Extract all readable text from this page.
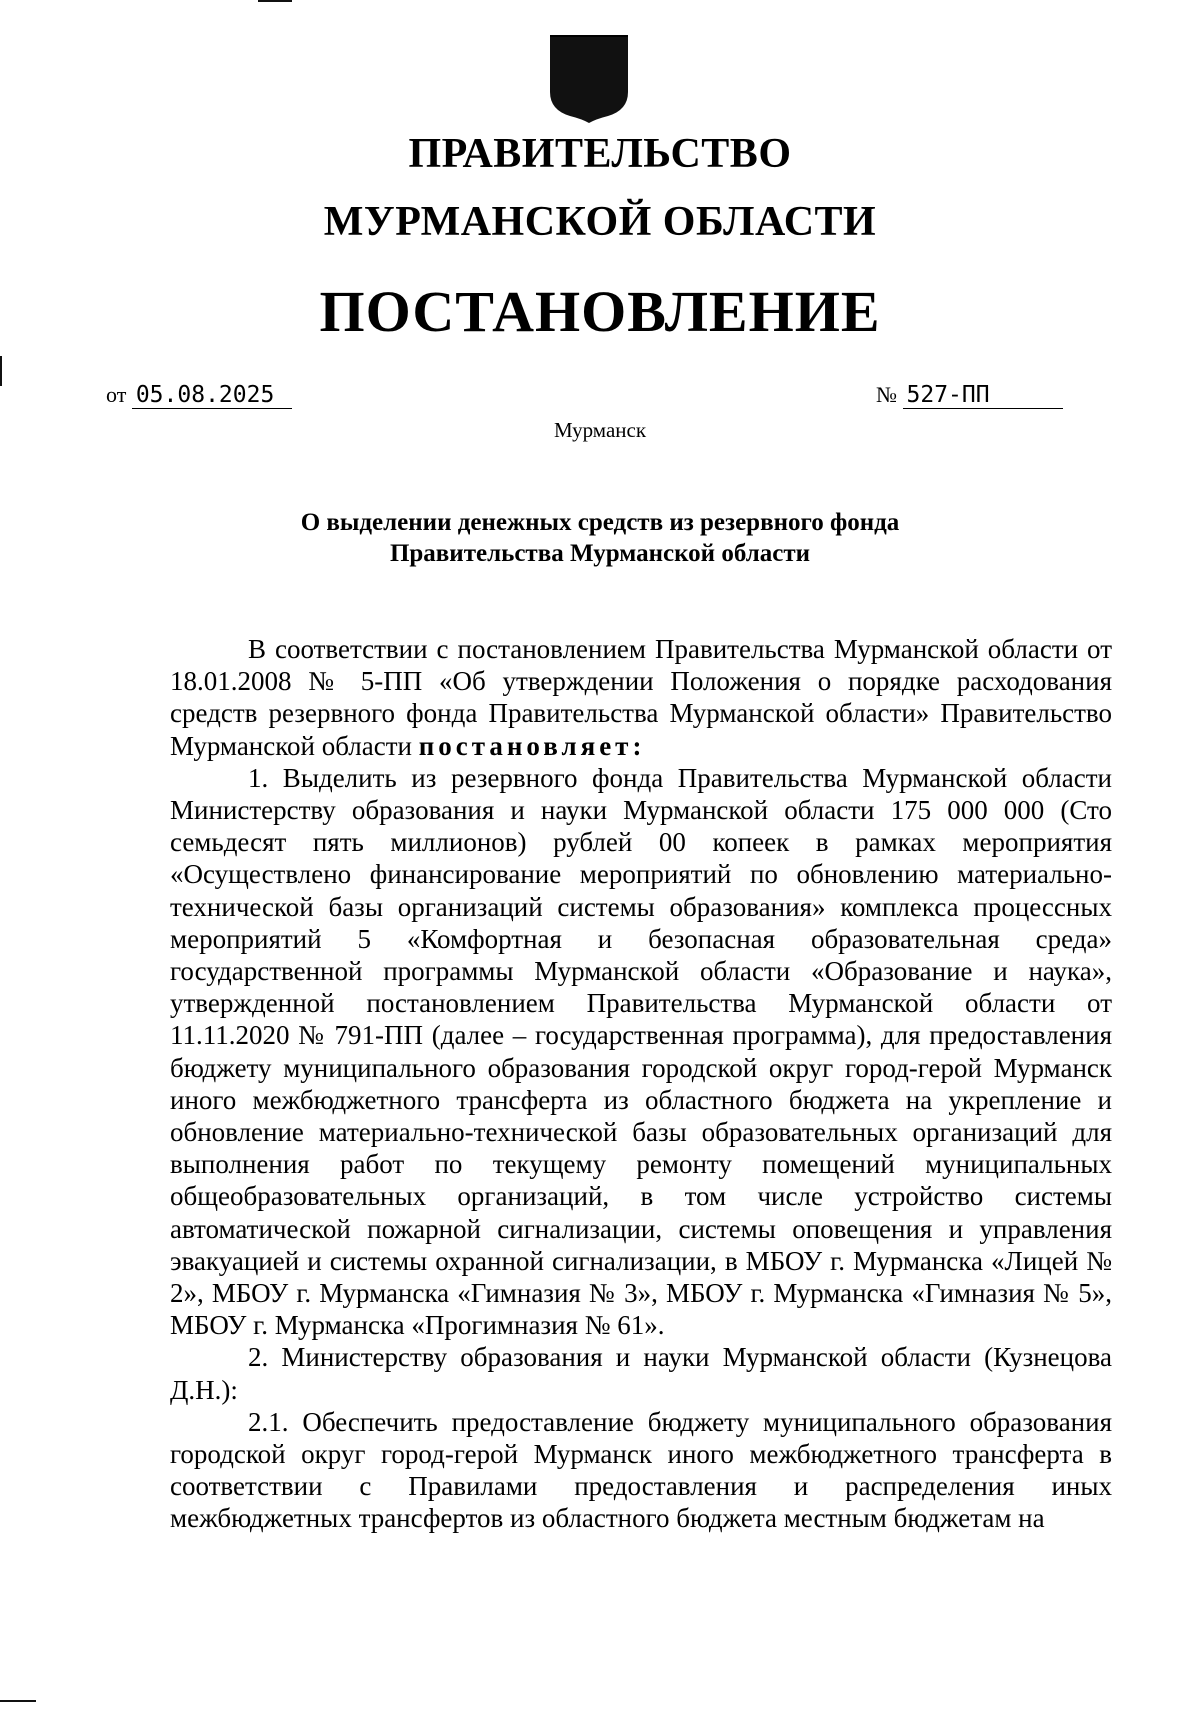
ПРАВИТЕЛЬСТВО
МУРМАНСКОЙ ОБЛАСТИ
ПОСТАНОВЛЕНИЕ
от 05.08.2025	№ 527-ПП
Мурманск
О выделении денежных средств из резервного фонда
Правительства Мурманской области

В соответствии с постановлением Правительства Мурманской области от 18.01.2008 № 5-ПП «Об утверждении Положения о порядке расходования средств резервного фонда Правительства Мурманской области» Правительство Мурманской области постановляет:

1. Выделить из резервного фонда Правительства Мурманской области Министерству образования и науки Мурманской области 175 000 000 (Сто семьдесят пять миллионов) рублей 00 копеек в рамках мероприятия «Осуществлено финансирование мероприятий по обновлению материально-технической базы организаций системы образования» комплекса процессных мероприятий 5 «Комфортная и безопасная образовательная среда» государственной программы Мурманской области «Образование и наука», утвержденной постановлением Правительства Мурманской области от 11.11.2020 № 791-ПП (далее – государственная программа), для предоставления бюджету муниципального образования городской округ город-герой Мурманск иного межбюджетного трансферта из областного бюджета на укрепление и обновление материально-технической базы образовательных организаций для выполнения работ по текущему ремонту помещений муниципальных общеобразовательных организаций, в том числе устройство системы автоматической пожарной сигнализации, системы оповещения и управления эвакуацией и системы охранной сигнализации, в МБОУ г. Мурманска «Лицей № 2», МБОУ г. Мурманска «Гимназия № 3», МБОУ г. Мурманска «Гимназия № 5», МБОУ г. Мурманска «Прогимназия № 61».

2. Министерству образования и науки Мурманской области (Кузнецова Д.Н.):

2.1. Обеспечить предоставление бюджету муниципального образования городской округ город-герой Мурманск иного межбюджетного трансферта в соответствии с Правилами предоставления и распределения иных межбюджетных трансфертов из областного бюджета местным бюджетам на
